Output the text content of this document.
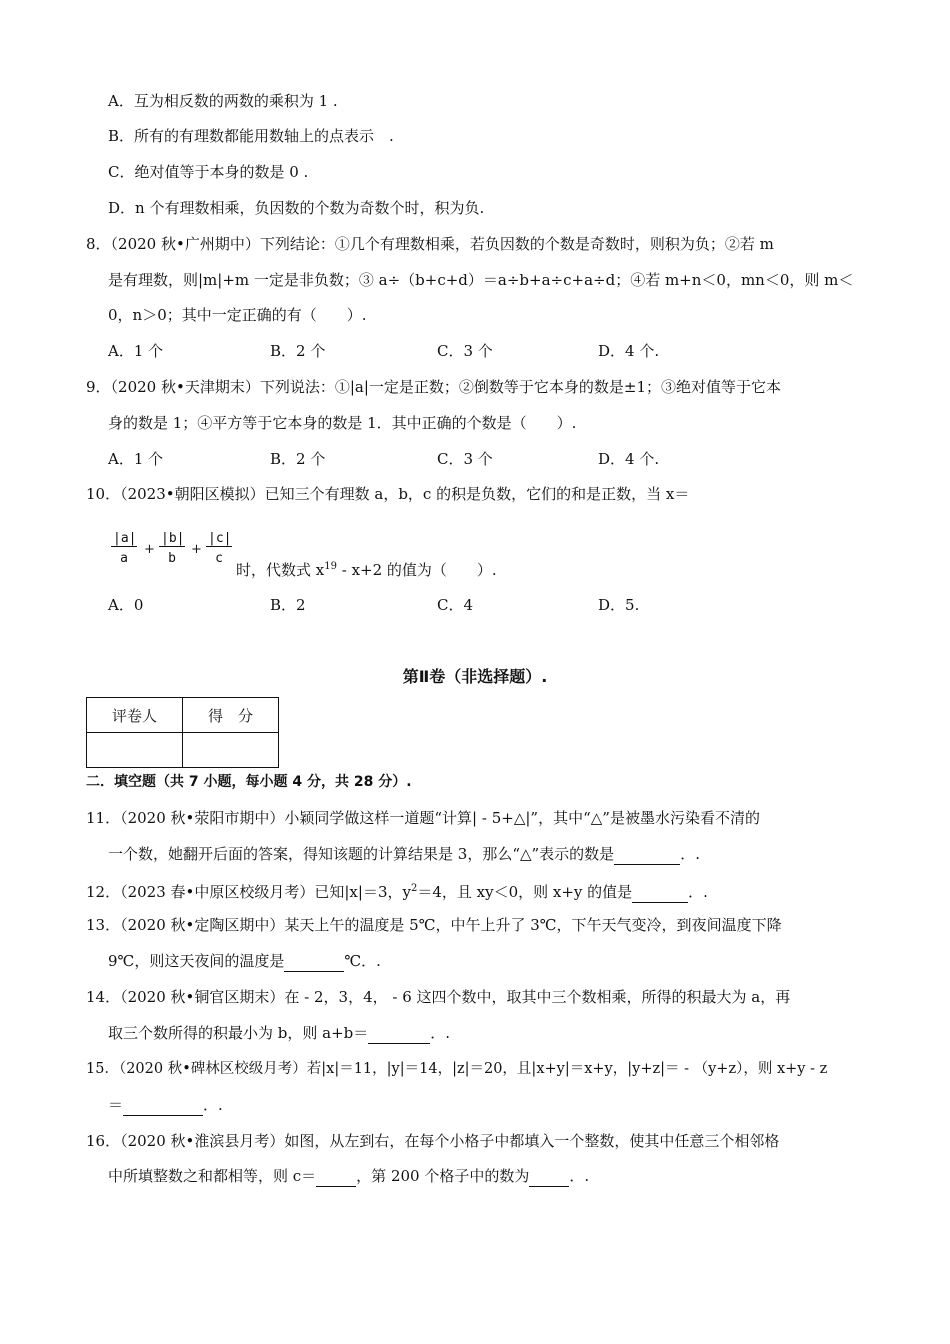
A．互为相反数的两数的乘积为 1 .
B．所有的有理数都能用数轴上的点表示　.
C．绝对值等于本身的数是 0 .
D．n 个有理数相乘，负因数的个数为奇数个时，积为负.
8．（2020 秋•广州期中）下列结论：①几个有理数相乘，若负因数的个数是奇数时，则积为负；②若 m
是有理数，则|m|+m 一定是非负数；③ a÷（b+c+d）＝a÷b+a÷c+a÷d；④若 m+n＜0，mn＜0，则 m＜
0，n＞0；其中一定正确的有（　　）.
A．1 个	B．2 个	C．3 个	D．4 个.
9．（2020 秋•天津期末）下列说法：①|a|一定是正数；②倒数等于它本身的数是±1；③绝对值等于它本
身的数是 1；④平方等于它本身的数是 1．其中正确的个数是（　　）.
A．1 个	B．2 个	C．3 个	D．4 个.
10．（2023•朝阳区模拟）已知三个有理数 a，b，c 的积是负数，它们的和是正数，当 x＝
$\frac{|a|}{a} + \frac{|b|}{b} + \frac{|c|}{c}$
时，代数式 $x^{19} - x+2$ 的值为（　　）.
A．0	B．2	C．4	D．5.
第Ⅱ卷（非选择题）.
评卷人	得　分

二．填空题（共 7 小题，每小题 4 分，共 28 分）.
11．（2020 秋•荥阳市期中）小颖同学做这样一道题“计算| - 5+△|”，其中“△”是被墨水污染看不清的
一个数，她翻开后面的答案，得知该题的计算结果是 3，那么“△”表示的数是	．.
12．（2023 春•中原区校级月考）已知|x|＝3，$y^2=4$，且 xy＜0，则 x+y 的值是	．.
13．（2020 秋•定陶区期中）某天上午的温度是 5℃，中午上升了 3℃，下午天气变冷，到夜间温度下降
9℃，则这天夜间的温度是	℃．.
14．（2020 秋•铜官区期末）在 - 2，3，4， - 6 这四个数中，取其中三个数相乘，所得的积最大为 a，再
取三个数所得的积最小为 b，则 a+b＝	．.
15．（2020 秋•碑林区校级月考）若|x|＝11，|y|＝14，|z|＝20，且|x+y|＝x+y，|y+z|＝ - （y+z），则 x+y - z
＝	．.
16．（2020 秋•淮滨县月考）如图，从左到右，在每个小格子中都填入一个整数，使其中任意三个相邻格
中所填整数之和都相等，则 c＝	，第 200 个格子中的数为	．.
